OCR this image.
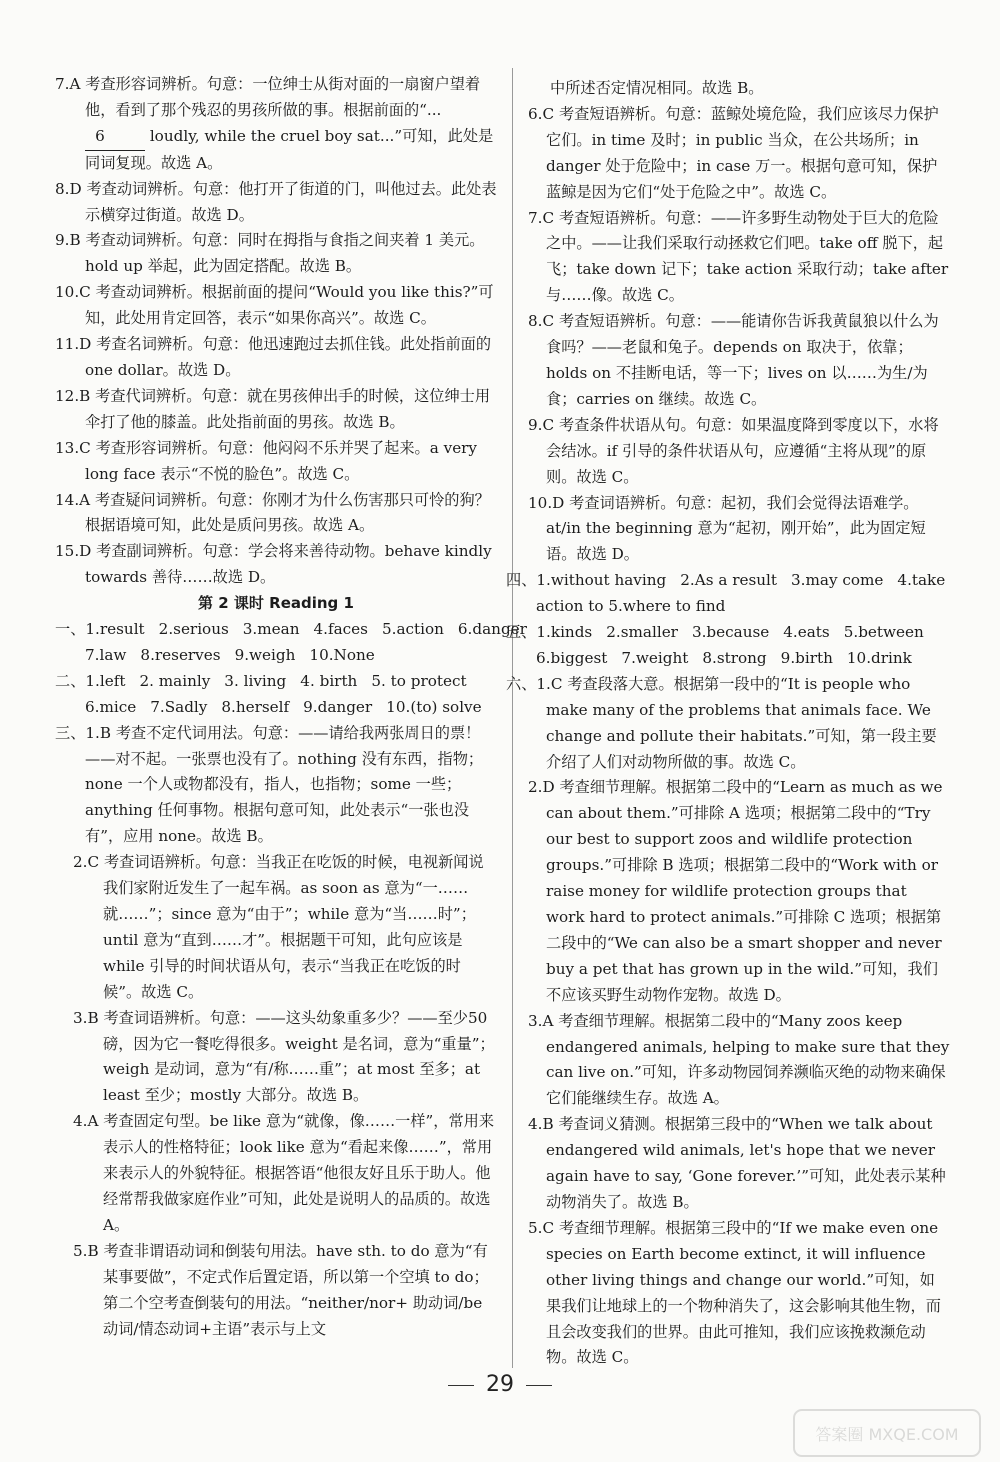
7.A 考查形容词辨析。句意：一位绅士从街对面的一扇窗户望着他，看到了那个残忍的男孩所做的事。根据前面的“...6	loudly, while the cruel boy sat...”可知，此处是同词复现。故选 A。

8.D 考查动词辨析。句意：他打开了街道的门，叫他过去。此处表示横穿过街道。故选 D。

9.B 考查动词辨析。句意：同时在拇指与食指之间夹着 1 美元。hold up 举起，此为固定搭配。故选 B。

10.C 考查动词辨析。根据前面的提问“Would you like this?”可知，此处用肯定回答，表示“如果你高兴”。故选 C。

11.D 考查名词辨析。句意：他迅速跑过去抓住钱。此处指前面的 one dollar。故选 D。

12.B 考查代词辨析。句意：就在男孩伸出手的时候，这位绅士用伞打了他的膝盖。此处指前面的男孩。故选 B。

13.C 考查形容词辨析。句意：他闷闷不乐并哭了起来。a very long face 表示“不悦的脸色”。故选 C。

14.A 考查疑问词辨析。句意：你刚才为什么伤害那只可怜的狗？根据语境可知，此处是质问男孩。故选 A。

15.D 考查副词辨析。句意：学会将来善待动物。behave kindly towards 善待……故选 D。

第 2 课时 Reading 1

一、1.result 2.serious 3.mean 4.faces 5.action 6.danger
7.law 8.reserves 9.weigh 10.None
二、1.left 2. mainly 3. living 4. birth 5. to protect
6.mice 7.Sadly 8.herself 9.danger 10.(to) solve

三、1.B 考查不定代词用法。句意：——请给我两张周日的票！——对不起。一张票也没有了。nothing 没有东西，指物；none 一个人或物都没有，指人，也指物；some 一些；anything 任何事物。根据句意可知，此处表示“一张也没有”，应用 none。故选 B。

2.C 考查词语辨析。句意：当我正在吃饭的时候，电视新闻说我们家附近发生了一起车祸。as soon as 意为“一……就……”；since 意为“由于”；while 意为“当……时”；until 意为“直到……才”。根据题干可知，此句应该是 while 引导的时间状语从句，表示“当我正在吃饭的时候”。故选 C。

3.B 考查词语辨析。句意：——这头幼象重多少？——至少50 磅，因为它一餐吃得很多。weight 是名词，意为“重量”；weigh 是动词，意为“有/称……重”；at most 至多；at least 至少；mostly 大部分。故选 B。

4.A 考查固定句型。be like 意为“就像，像……一样”，常用来表示人的性格特征；look like 意为“看起来像……”，常用来表示人的外貌特征。根据答语“他很友好且乐于助人。他经常帮我做家庭作业”可知，此处是说明人的品质的。故选 A。

5.B 考查非谓语动词和倒装句用法。have sth. to do 意为“有某事要做”，不定式作后置定语，所以第一个空填 to do；第二个空考查倒装句的用法。“neither/nor+ 助动词/be 动词/情态动词+主语”表示与上文

中所述否定情况相同。故选 B。

6.C 考查短语辨析。句意：蓝鲸处境危险，我们应该尽力保护它们。in time 及时；in public 当众，在公共场所；in danger 处于危险中；in case 万一。根据句意可知，保护蓝鲸是因为它们“处于危险之中”。故选 C。

7.C 考查短语辨析。句意：——许多野生动物处于巨大的危险之中。——让我们采取行动拯救它们吧。take off 脱下，起飞；take down 记下；take action 采取行动；take after 与……像。故选 C。

8.C 考查短语辨析。句意：——能请你告诉我黄鼠狼以什么为食吗？——老鼠和兔子。depends on 取决于，依靠；holds on 不挂断电话，等一下；lives on 以……为生/为食；carries on 继续。故选 C。

9.C 考查条件状语从句。句意：如果温度降到零度以下，水将会结冰。if 引导的条件状语从句，应遵循“主将从现”的原则。故选 C。

10.D 考查词语辨析。句意：起初，我们会觉得法语难学。at/in the beginning 意为“起初，刚开始”，此为固定短语。故选 D。

四、1.without having 2.As a result 3.may come 4.take

action to 5.where to find

五、1.kinds 2.smaller 3.because 4.eats 5.between
6.biggest 7.weight 8.strong 9.birth 10.drink

六、1.C 考查段落大意。根据第一段中的“It is people who make many of the problems that animals face. We change and pollute their habitats.”可知，第一段主要介绍了人们对动物所做的事。故选 C。

2.D 考查细节理解。根据第二段中的“Learn as much as we can about them.”可排除 A 选项；根据第二段中的“Try our best to support zoos and wildlife protection groups.”可排除 B 选项；根据第二段中的“Work with or raise money for wildlife protection groups that work hard to protect animals.”可排除 C 选项；根据第二段中的“We can also be a smart shopper and never buy a pet that has grown up in the wild.”可知，我们不应该买野生动物作宠物。故选 D。

3.A 考查细节理解。根据第二段中的“Many zoos keep endangered animals, helping to make sure that they can live on.”可知，许多动物园饲养濒临灭绝的动物来确保它们能继续生存。故选 A。

4.B 考查词义猜测。根据第三段中的“When we talk about endangered wild animals, let's hope that we never again have to say, ‘Gone forever.’”可知，此处表示某种动物消失了。故选 B。

5.C 考查细节理解。根据第三段中的“If we make even one species on Earth become extinct, it will influence other living things and change our world.”可知，如果我们让地球上的一个物种消失了，这会影响其他生物，而且会改变我们的世界。由此可推知，我们应该挽救濒危动物。故选 C。

29
答案圈 MXQE.COM
